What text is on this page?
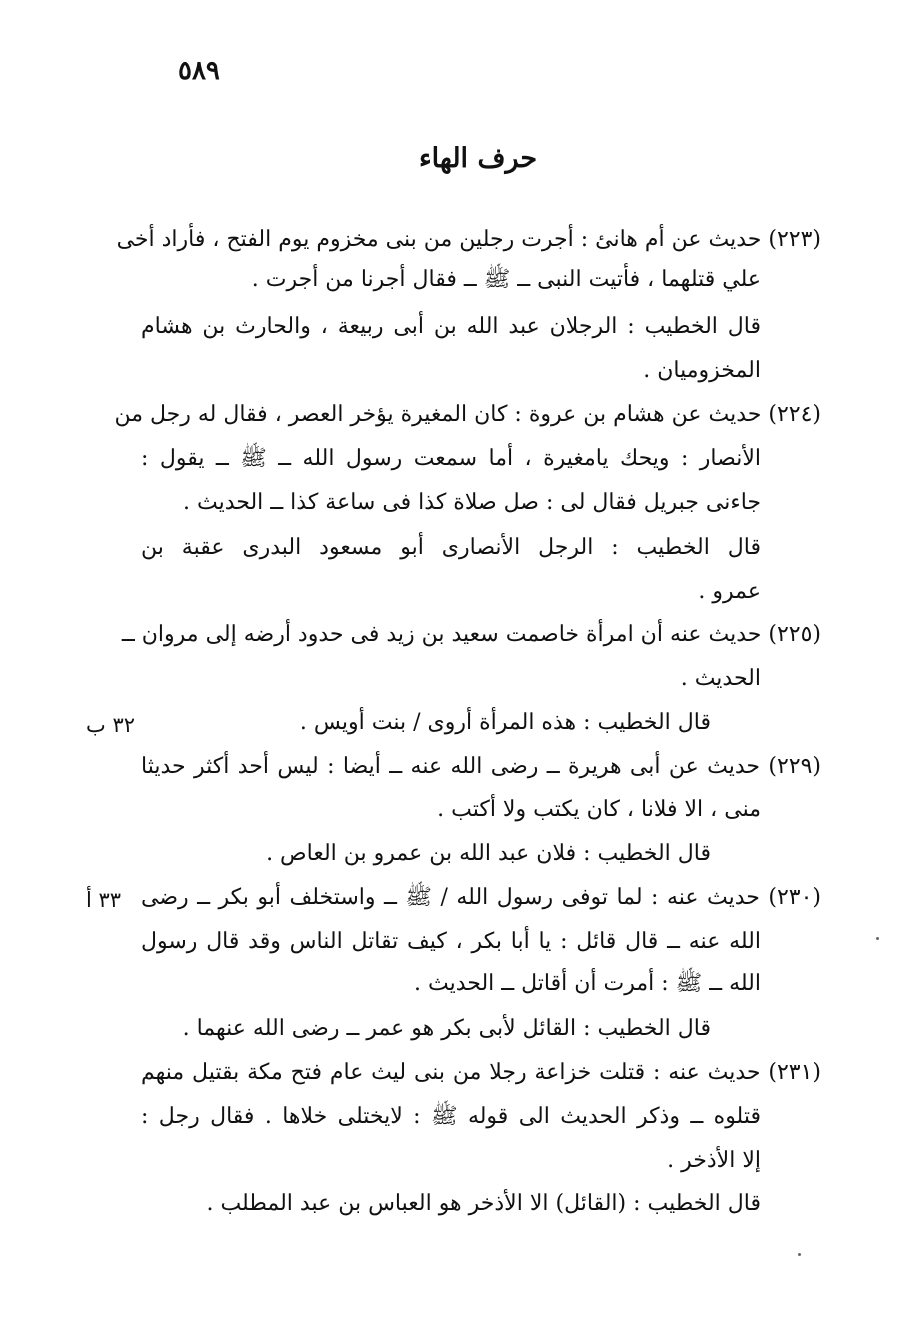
٥٨٩
حرف الهاء
(٢٢٣) حديث عن أم هانئ : أجرت رجلين من بنى مخزوم يوم الفتح ، فأراد أخى
علي قتلهما ، فأتيت النبى ــ ﷺ ــ فقال أجرنا من أجرت .
قال الخطيب : الرجلان عبد الله بن أبى ربيعة ، والحارث بن هشام
المخزوميان .
(٢٢٤) حديث عن هشام بن عروة : كان المغيرة يؤخر العصر ، فقال له رجل من
الأنصار : ويحك يامغيرة ، أما سمعت رسول الله ــ ﷺ ــ يقول :
جاءنى جبريل فقال لى : صل صلاة كذا فى ساعة كذا ــ الحديث .
قال الخطيب : الرجل الأنصارى أبو مسعود البدرى عقبة بن
عمرو .
(٢٢٥) حديث عنه أن امرأة خاصمت سعيد بن زيد فى حدود أرضه إلى مروان ــ
الحديث .
قال الخطيب : هذه المرأة أروى / بنت أويس .
(٢٢٩) حديث عن أبى هريرة ــ رضى الله عنه ــ أيضا : ليس أحد أكثر حديثا
منى ، الا فلانا ، كان يكتب ولا أكتب .
قال الخطيب : فلان عبد الله بن عمرو بن العاص .
(٢٣٠) حديث عنه : لما توفى رسول الله / ﷺ ــ واستخلف أبو بكر ــ رضى
الله عنه ــ قال قائل : يا أبا بكر ، كيف تقاتل الناس وقد قال رسول
الله ــ ﷺ : أمرت أن أقاتل ــ الحديث .
قال الخطيب : القائل لأبى بكر هو عمر ــ رضى الله عنهما .
(٢٣١) حديث عنه : قتلت خزاعة رجلا من بنى ليث عام فتح مكة بقتيل منهم
قتلوه ــ وذكر الحديث الى قوله ﷺ : لايختلى خلاها . فقال رجل :
إلا الأذخر .
قال الخطيب : (القائل) الا الأذخر هو العباس بن عبد المطلب .
٣٢ ب
٣٣ أ
